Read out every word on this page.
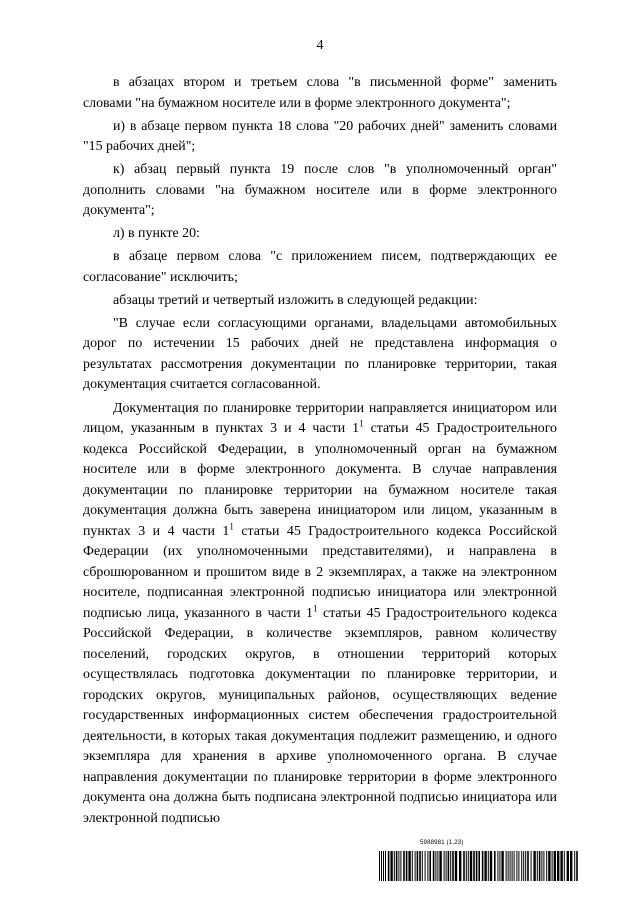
4

в абзацах втором и третьем слова "в письменной форме" заменить словами "на бумажном носителе или в форме электронного документа";

и) в абзаце первом пункта 18 слова "20 рабочих дней" заменить словами "15 рабочих дней";

к) абзац первый пункта 19 после слов "в уполномоченный орган" дополнить словами "на бумажном носителе или в форме электронного документа";

л) в пункте 20:

в абзаце первом слова "с приложением писем, подтверждающих ее согласование" исключить;

абзацы третий и четвертый изложить в следующей редакции:

"В случае если согласующими органами, владельцами автомобильных дорог по истечении 15 рабочих дней не представлена информация о результатах рассмотрения документации по планировке территории, такая документация считается согласованной.

Документация по планировке территории направляется инициатором или лицом, указанным в пунктах 3 и 4 части $1^1$ статьи 45 Градостроительного кодекса Российской Федерации, в уполномоченный орган на бумажном носителе или в форме электронного документа. В случае направления документации по планировке территории на бумажном носителе такая документация должна быть заверена инициатором или лицом, указанным в пунктах 3 и 4 части $1^1$ статьи 45 Градостроительного кодекса Российской Федерации (их уполномоченными представителями), и направлена в сброшюрованном и прошитом виде в 2 экземплярах, а также на электронном носителе, подписанная электронной подписью инициатора или электронной подписью лица, указанного в части $1^1$ статьи 45 Градостроительного кодекса Российской Федерации, в количестве экземпляров, равном количеству поселений, городских округов, в отношении территорий которых осуществлялась подготовка документации по планировке территории, и городских округов, муниципальных районов, осуществляющих ведение государственных информационных систем обеспечения градостроительной деятельности, в которых такая документация подлежит размещению, и одного экземпляра для хранения в архиве уполномоченного органа. В случае направления документации по планировке территории в форме электронного документа она должна быть подписана электронной подписью инициатора или электронной подписью

5988981 (1.23)
